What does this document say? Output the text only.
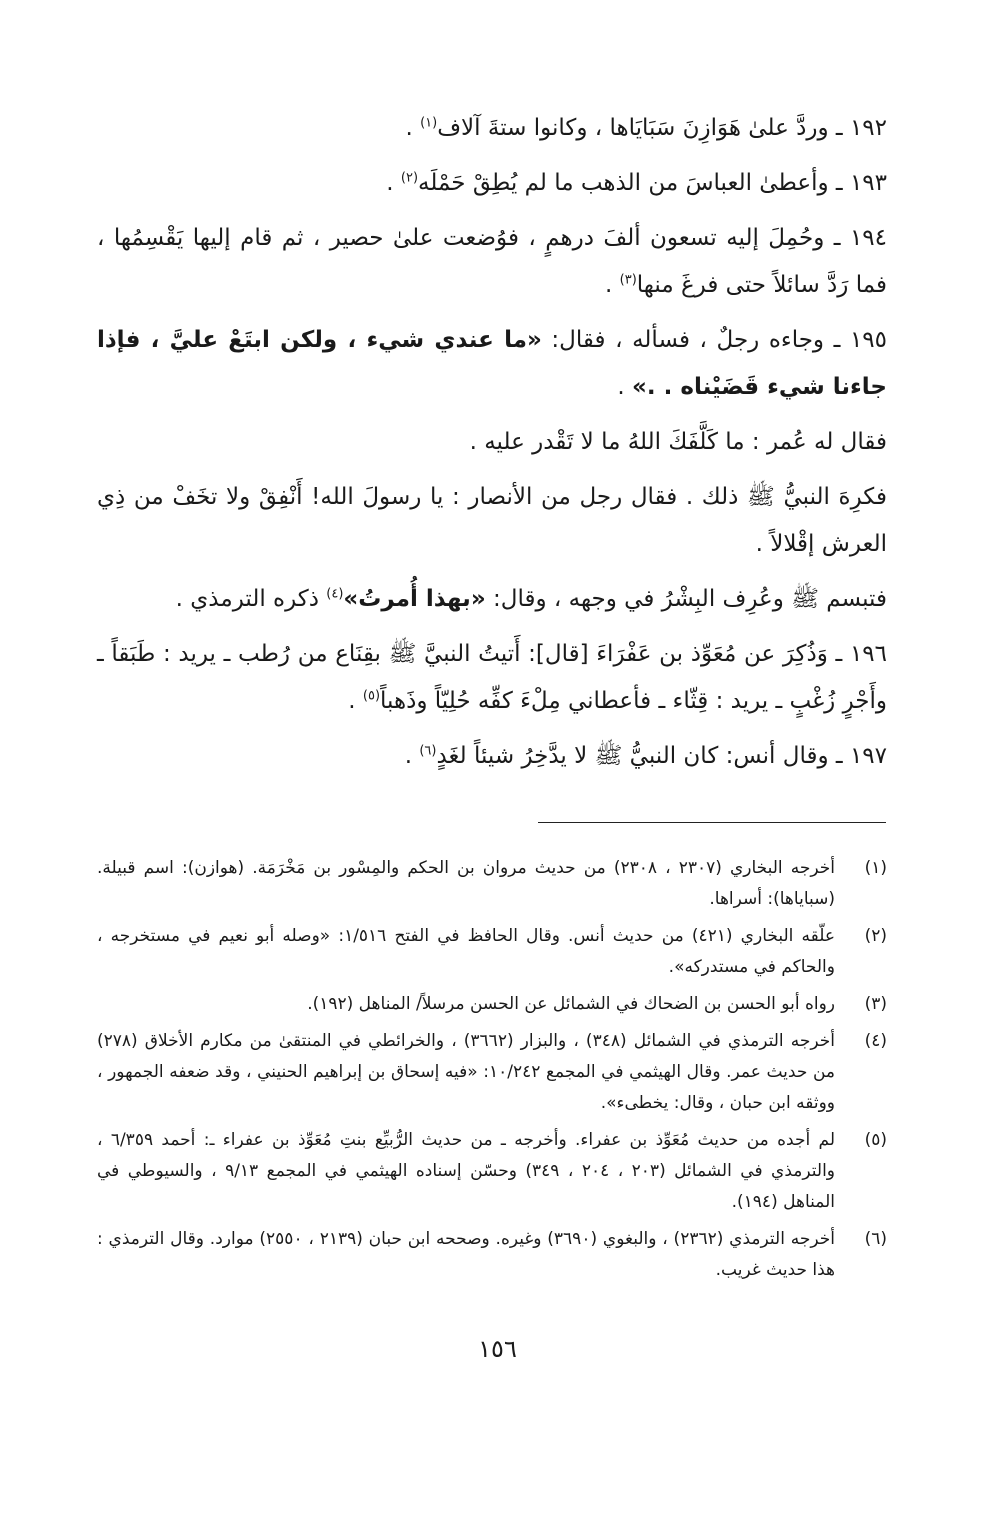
١٩٢ ـ وردَّ علىٰ هَوَازِنَ سَبَايَاها ، وكانوا ستةَ آلاف$^{(١)}$ .

١٩٣ ـ وأعطىٰ العباسَ من الذهب ما لم يُطِقْ حَمْلَه$^{(٢)}$ .

١٩٤ ـ وحُمِلَ إليه تسعون ألفَ درهمٍ ، فوُضعت علىٰ حصير ، ثم قام إليها يَقْسِمُها ، فما رَدَّ سائلاً حتى فرغَ منها$^{(٣)}$ .

١٩٥ ـ وجاءه رجلٌ ، فسأله ، فقال: «ما عندي شيء ، ولكن ابتَعْ عليَّ ، فإذا جاءنا شيء قَضَيْناه . .» .

فقال له عُمر : ما كَلَّفَكَ اللهُ ما لا تَقْدر عليه .

فكرِهَ النبيُّ ﷺ ذلك . فقال رجل من الأنصار : يا رسولَ الله! أَنْفِقْ ولا تخَفْ من ذِي العرش إقْلالاً .

فتبسم ﷺ وعُرِف البِشْرُ في وجهه ، وقال: «بهذا أُمرتُ»$^{(٤)}$ ذكره الترمذي .

١٩٦ ـ وَذُكِرَ عن مُعَوِّذ بن عَفْرَاءَ [قال]: أَتيتُ النبيَّ ﷺ بقِنَاع من رُطب ـ يريد : طَبَقاً ـ وأَجْرٍ زُغْبٍ ـ يريد : قِثّاء ـ فأعطاني مِلْءَ كفِّه حُلِيّاً وذَهباً$^{(٥)}$ .

١٩٧ ـ وقال أنس: كان النبيُّ ﷺ لا يدَّخِرُ شيئاً لغَدٍ$^{(٦)}$ .

(١)
أخرجه البخاري (٢٣٠٧ ، ٢٣٠٨) من حديث مروان بن الحكم والمِسْور بن مَخْرَمَة. (هوازن): اسم قبيلة. (سباياها): أسراها.
(٢)
علّقه البخاري (٤٢١) من حديث أنس. وقال الحافظ في الفتح ١/٥١٦: «وصله أبو نعيم في مستخرجه ، والحاكم في مستدركه».
(٣)
رواه أبو الحسن بن الضحاك في الشمائل عن الحسن مرسلاً/ المناهل (١٩٢).
(٤)
أخرجه الترمذي في الشمائل (٣٤٨) ، والبزار (٣٦٦٢) ، والخرائطي في المنتقىٰ من مكارم الأخلاق (٢٧٨) من حديث عمر. وقال الهيثمي في المجمع ١٠/٢٤٢: «فيه إسحاق بن إبراهيم الحنيني ، وقد ضعفه الجمهور ، ووثقه ابن حبان ، وقال: يخطىء».
(٥)
لم أجده من حديث مُعَوِّذ بن عفراء. وأخرجه ـ من حديث الرُّبيِّع بنتِ مُعَوِّذ بن عفراء ـ: أحمد ٦/٣٥٩ ، والترمذي في الشمائل (٢٠٣ ، ٢٠٤ ، ٣٤٩) وحسّن إسناده الهيثمي في المجمع ٩/١٣ ، والسيوطي في المناهل (١٩٤).
(٦)
أخرجه الترمذي (٢٣٦٢) ، والبغوي (٣٦٩٠) وغيره. وصححه ابن حبان (٢١٣٩ ، ٢٥٥٠) موارد. وقال الترمذي : هذا حديث غريب.
١٥٦
